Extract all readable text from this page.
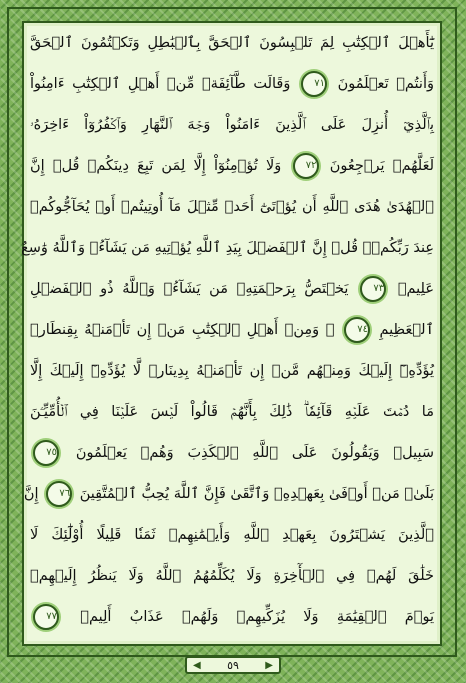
يَٰٓأَهۡلَ ٱلۡكِتَٰبِ لِمَ تَلۡبِسُونَ ٱلۡحَقَّ بِٱلۡبَٰطِلِ وَتَكۡتُمُونَ ٱلۡحَقَّ
وَأَنتُمۡ تَعۡلَمُونَ ٧١ وَقَالَت طَّآئِفَةٞ مِّنۡ أَهۡلِ ٱلۡكِتَٰبِ ءَامِنُواْ
بِٱلَّذِيٓ أُنزِلَ عَلَى ٱلَّذِينَ ءَامَنُواْ وَجۡهَ ٱلنَّهَارِ وَٱكۡفُرُوٓاْ ءَاخِرَهُۥ
لَعَلَّهُمۡ يَرۡجِعُونَ ٧٢ وَلَا تُؤۡمِنُوٓاْ إِلَّا لِمَن تَبِعَ دِينَكُمۡ قُلۡ إِنَّ
ٱلۡهُدَىٰ هُدَى ٱللَّهِ أَن يُؤۡتَىٰٓ أَحَدٞ مِّثۡلَ مَآ أُوتِيتُمۡ أَوۡ يُحَآجُّوكُمۡ
عِندَ رَبِّكُمۡۗ قُلۡ إِنَّ ٱلۡفَضۡلَ بِيَدِ ٱللَّهِ يُؤۡتِيهِ مَن يَشَآءُۗ وَٱللَّهُ وَٰسِعٌ
عَلِيمٞ ٧٣ يَخۡتَصُّ بِرَحۡمَتِهِۦ مَن يَشَآءُۗ وَٱللَّهُ ذُو ٱلۡفَضۡلِ
ٱلۡعَظِيمِ ٧٤ ۞ وَمِنۡ أَهۡلِ ٱلۡكِتَٰبِ مَنۡ إِن تَأۡمَنۡهُ بِقِنطَارٖ
يُؤَدِّهِۦٓ إِلَيۡكَ وَمِنۡهُم مَّنۡ إِن تَأۡمَنۡهُ بِدِينَارٖ لَّا يُؤَدِّهِۦٓ إِلَيۡكَ إِلَّا
مَا دُمۡتَ عَلَيۡهِ قَآئِمٗاۗ ذَٰلِكَ بِأَنَّهُمۡ قَالُواْ لَيۡسَ عَلَيۡنَا فِي ٱلۡأُمِّيِّـۧنَ
سَبِيلٞ وَيَقُولُونَ عَلَى ٱللَّهِ ٱلۡكَذِبَ وَهُمۡ يَعۡلَمُونَ ٧٥
بَلَىٰۚ مَنۡ أَوۡفَىٰ بِعَهۡدِهِۦ وَٱتَّقَىٰ فَإِنَّ ٱللَّهَ يُحِبُّ ٱلۡمُتَّقِينَ ٧٦ إِنَّ
ٱلَّذِينَ يَشۡتَرُونَ بِعَهۡدِ ٱللَّهِ وَأَيۡمَٰنِهِمۡ ثَمَنٗا قَلِيلًا أُوْلَٰٓئِكَ لَا
خَلَٰقَ لَهُمۡ فِي ٱلۡأٓخِرَةِ وَلَا يُكَلِّمُهُمُ ٱللَّهُ وَلَا يَنظُرُ إِلَيۡهِمۡ
يَوۡمَ ٱلۡقِيَٰمَةِ وَلَا يُزَكِّيهِمۡ وَلَهُمۡ عَذَابٌ أَلِيمٞ ٧٧
◀ ٥٩	▶
